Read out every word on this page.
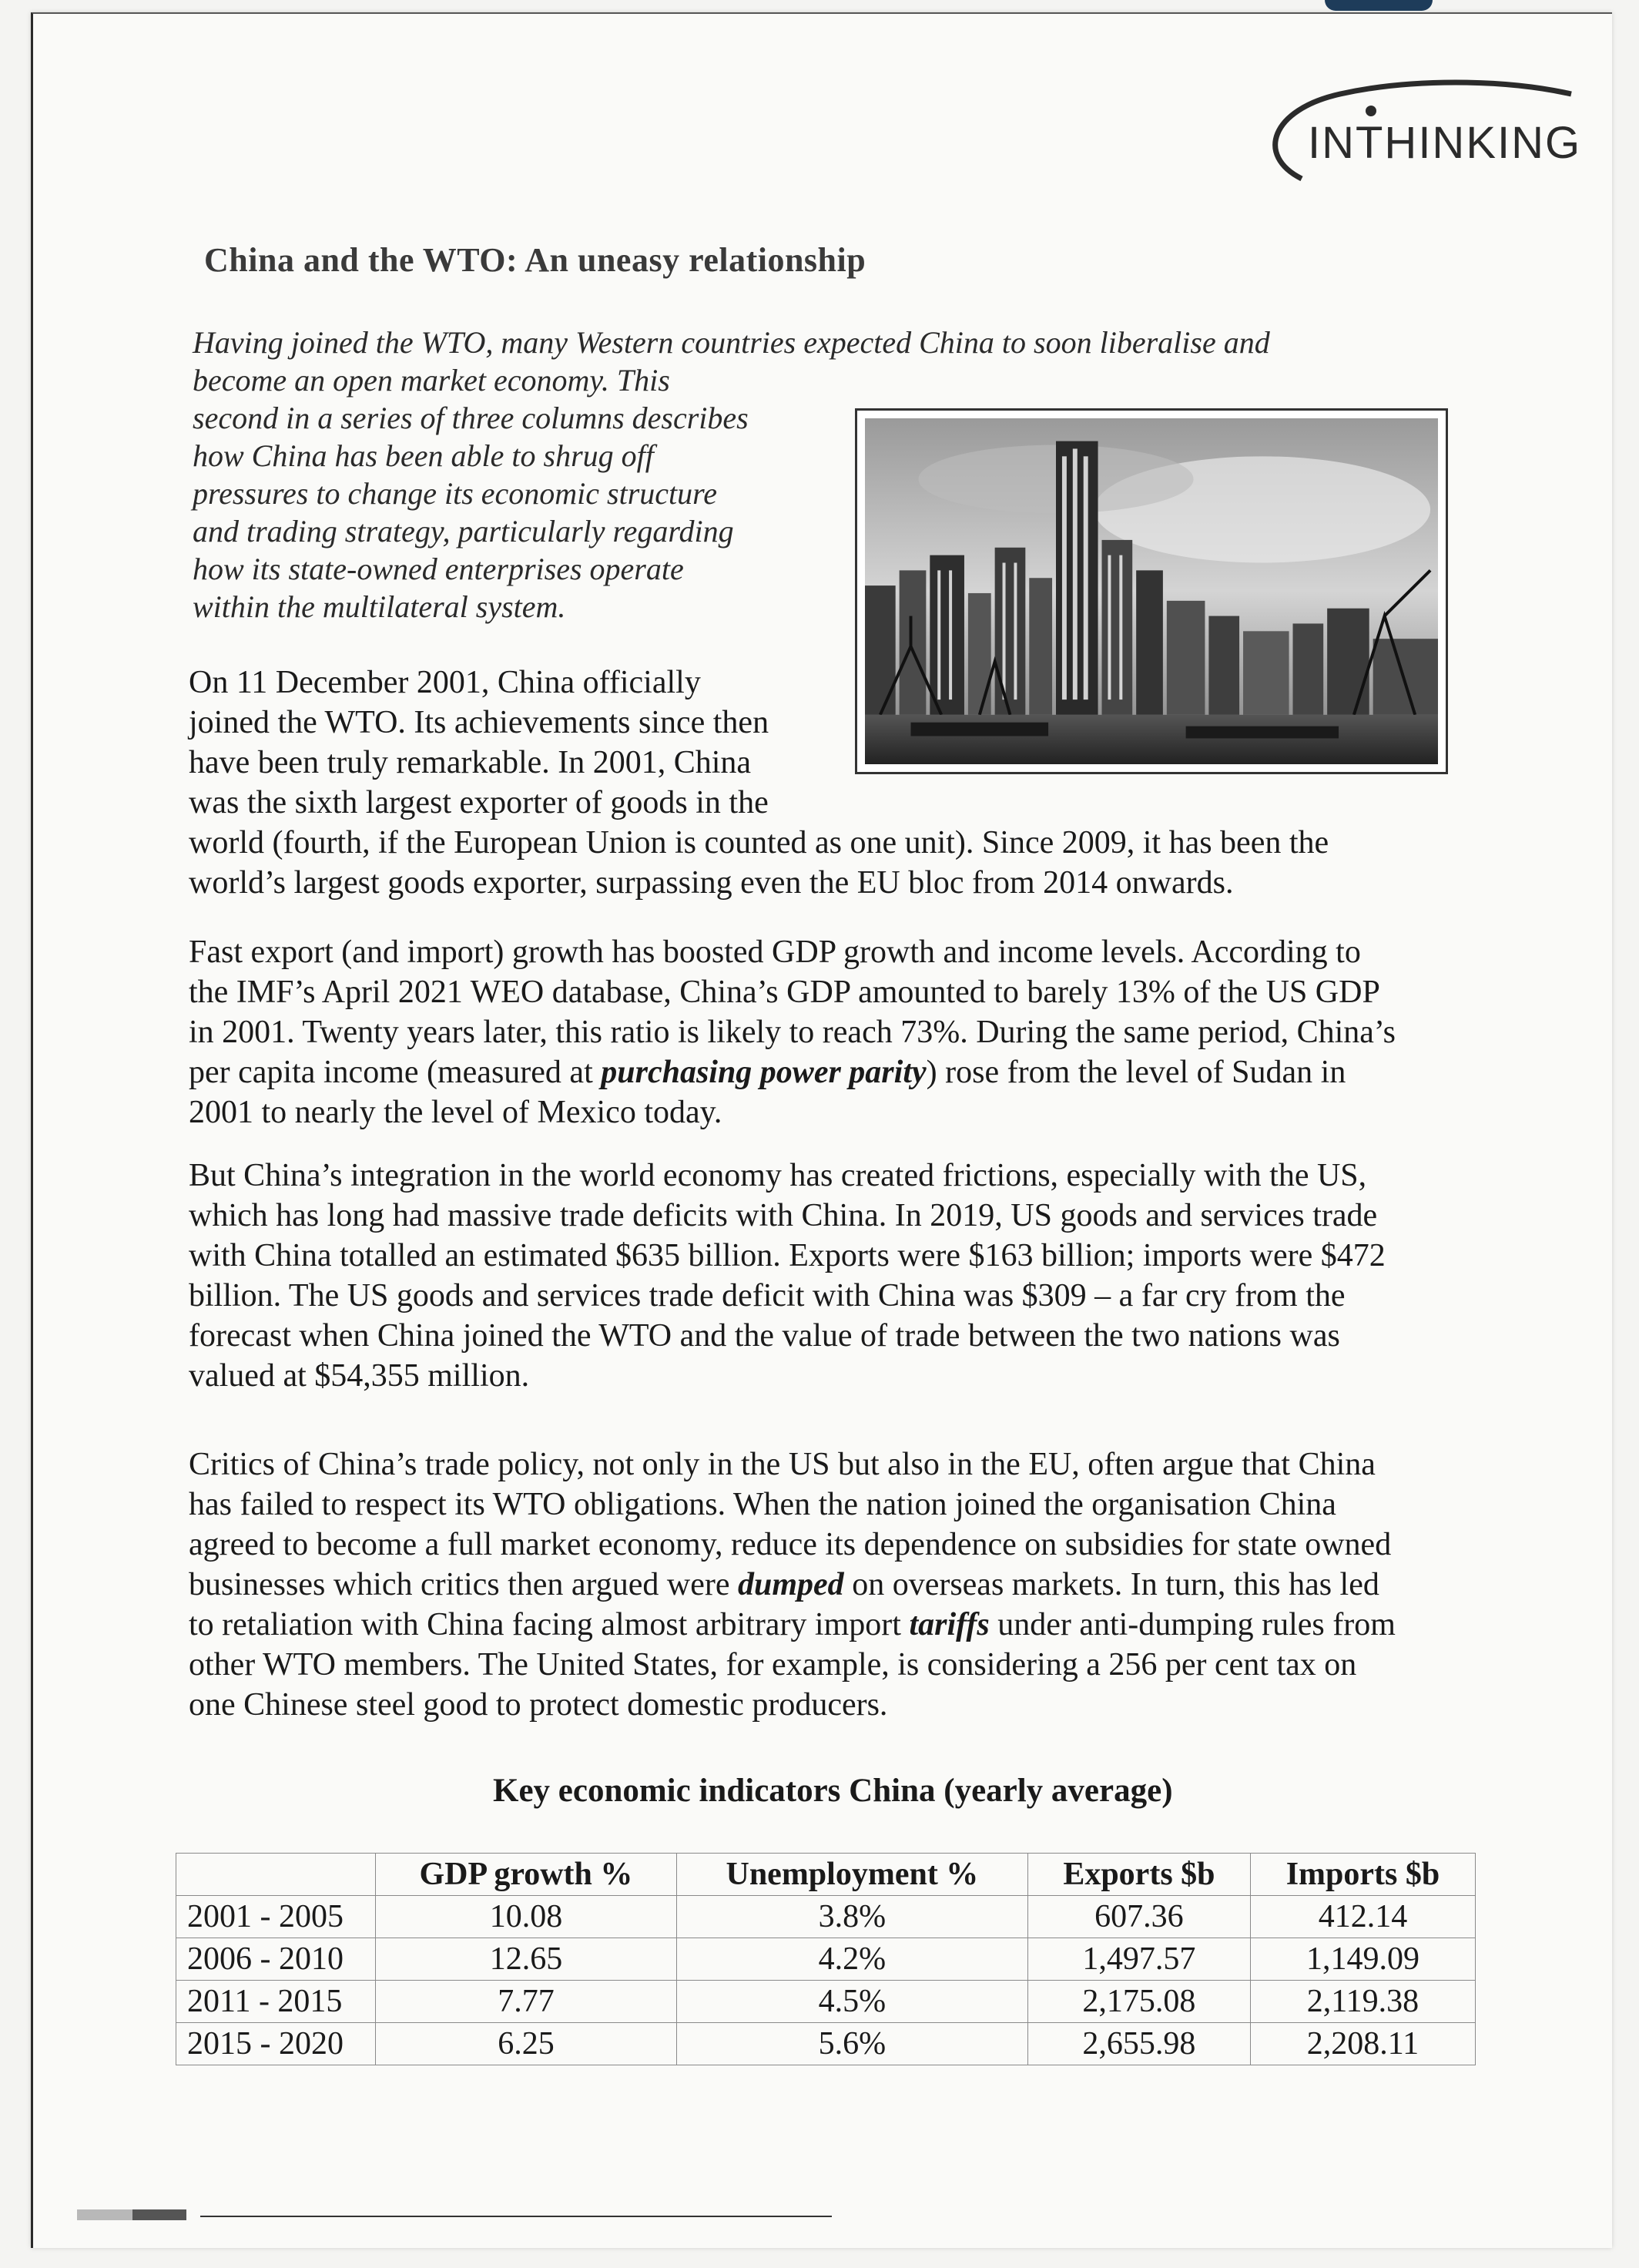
INTHINKING
China and the WTO: An uneasy relationship
Having joined the WTO, many Western countries expected China to soon liberalise and
become an open market economy. This
second in a series of three columns describes
how China has been able to shrug off
pressures to change its economic structure
and trading strategy, particularly regarding
how its state-owned enterprises operate
within the multilateral system.
On 11 December 2001, China officially
joined the WTO. Its achievements since then
have been truly remarkable. In 2001, China
was the sixth largest exporter of goods in the
world (fourth, if the European Union is counted as one unit). Since 2009, it has been the
world’s largest goods exporter, surpassing even the EU bloc from 2014 onwards.
Fast export (and import) growth has boosted GDP growth and income levels. According to
the IMF’s April 2021 WEO database, China’s GDP amounted to barely 13% of the US GDP
in 2001. Twenty years later, this ratio is likely to reach 73%. During the same period, China’s
per capita income (measured at purchasing power parity) rose from the level of Sudan in
2001 to nearly the level of Mexico today.
But China’s integration in the world economy has created frictions, especially with the US,
which has long had massive trade deficits with China. In 2019, US goods and services trade
with China totalled an estimated $635 billion. Exports were $163 billion; imports were $472
billion. The US goods and services trade deficit with China was $309 – a far cry from the
forecast when China joined the WTO and the value of trade between the two nations was
valued at $54,355 million.
Critics of China’s trade policy, not only in the US but also in the EU, often argue that China
has failed to respect its WTO obligations. When the nation joined the organisation China
agreed to become a full market economy, reduce its dependence on subsidies for state owned
businesses which critics then argued were dumped on overseas markets. In turn, this has led
to retaliation with China facing almost arbitrary import tariffs under anti-dumping rules from
other WTO members. The United States, for example, is considering a 256 per cent tax on
one Chinese steel good to protect domestic producers.
Key economic indicators China (yearly average)
	GDP growth %	Unemployment %	Exports $b	Imports $b
2001 - 2005	10.08	3.8%	607.36	412.14
2006 - 2010	12.65	4.2%	1,497.57	1,149.09
2011 - 2015	7.77	4.5%	2,175.08	2,119.38
2015 - 2020	6.25	5.6%	2,655.98	2,208.11
